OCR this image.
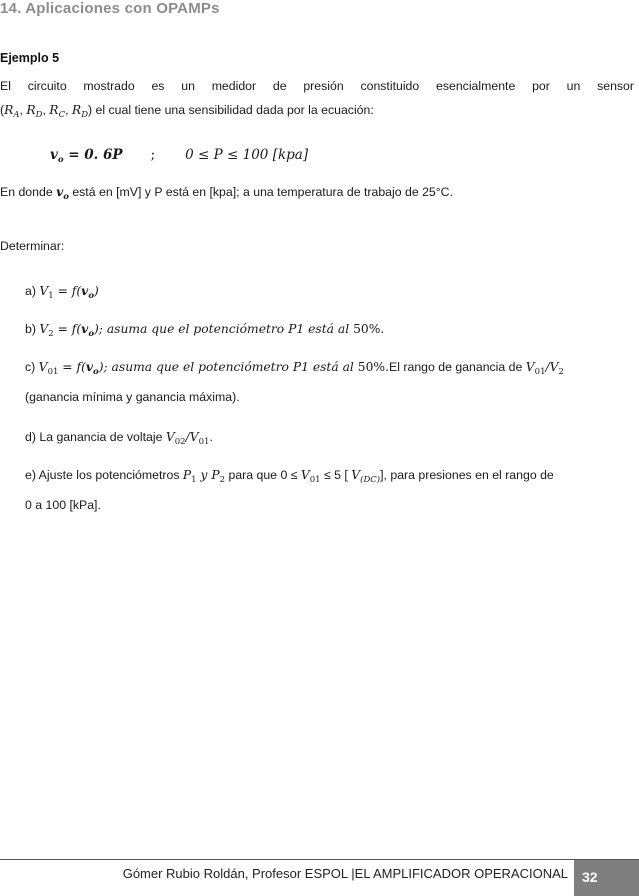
14. Aplicaciones con OPAMPs
Ejemplo 5
El circuito mostrado es un medidor de presión constituido esencialmente por un sensor
($R_A$, $R_D$, $R_C$, $R_D$) el cual tiene una sensibilidad dada por la ecuación:
$v_o = 0$. 6P ; 0 ≤ P ≤ 100 [kpa]
En donde $v_o$ está en [mV] y P está en [kpa]; a una temperatura de trabajo de 25°C.
Determinar:
a) $V_1 = f(v_o)$
b) $V_2 = f(v_o)$; asuma que el potenciómetro P1 está al 50%.
c) $V_{01} = f(v_o)$; asuma que el potenciómetro P1 está al 50%.El rango de ganancia de $V_{01}/V_2$
(ganancia mínima y ganancia máxima).
d) La ganancia de voltaje $V_{02}/V_{01}$.
e) Ajuste los potenciómetros $P_1$ y $P_2$ para que $0 \le V_{01} \le 5$ [ $V_{(DC)}$], para presiones en el rango de
0 a 100 [kPa].
Gómer Rubio Roldán, Profesor ESPOL |EL AMPLIFICADOR OPERACIONAL	32
